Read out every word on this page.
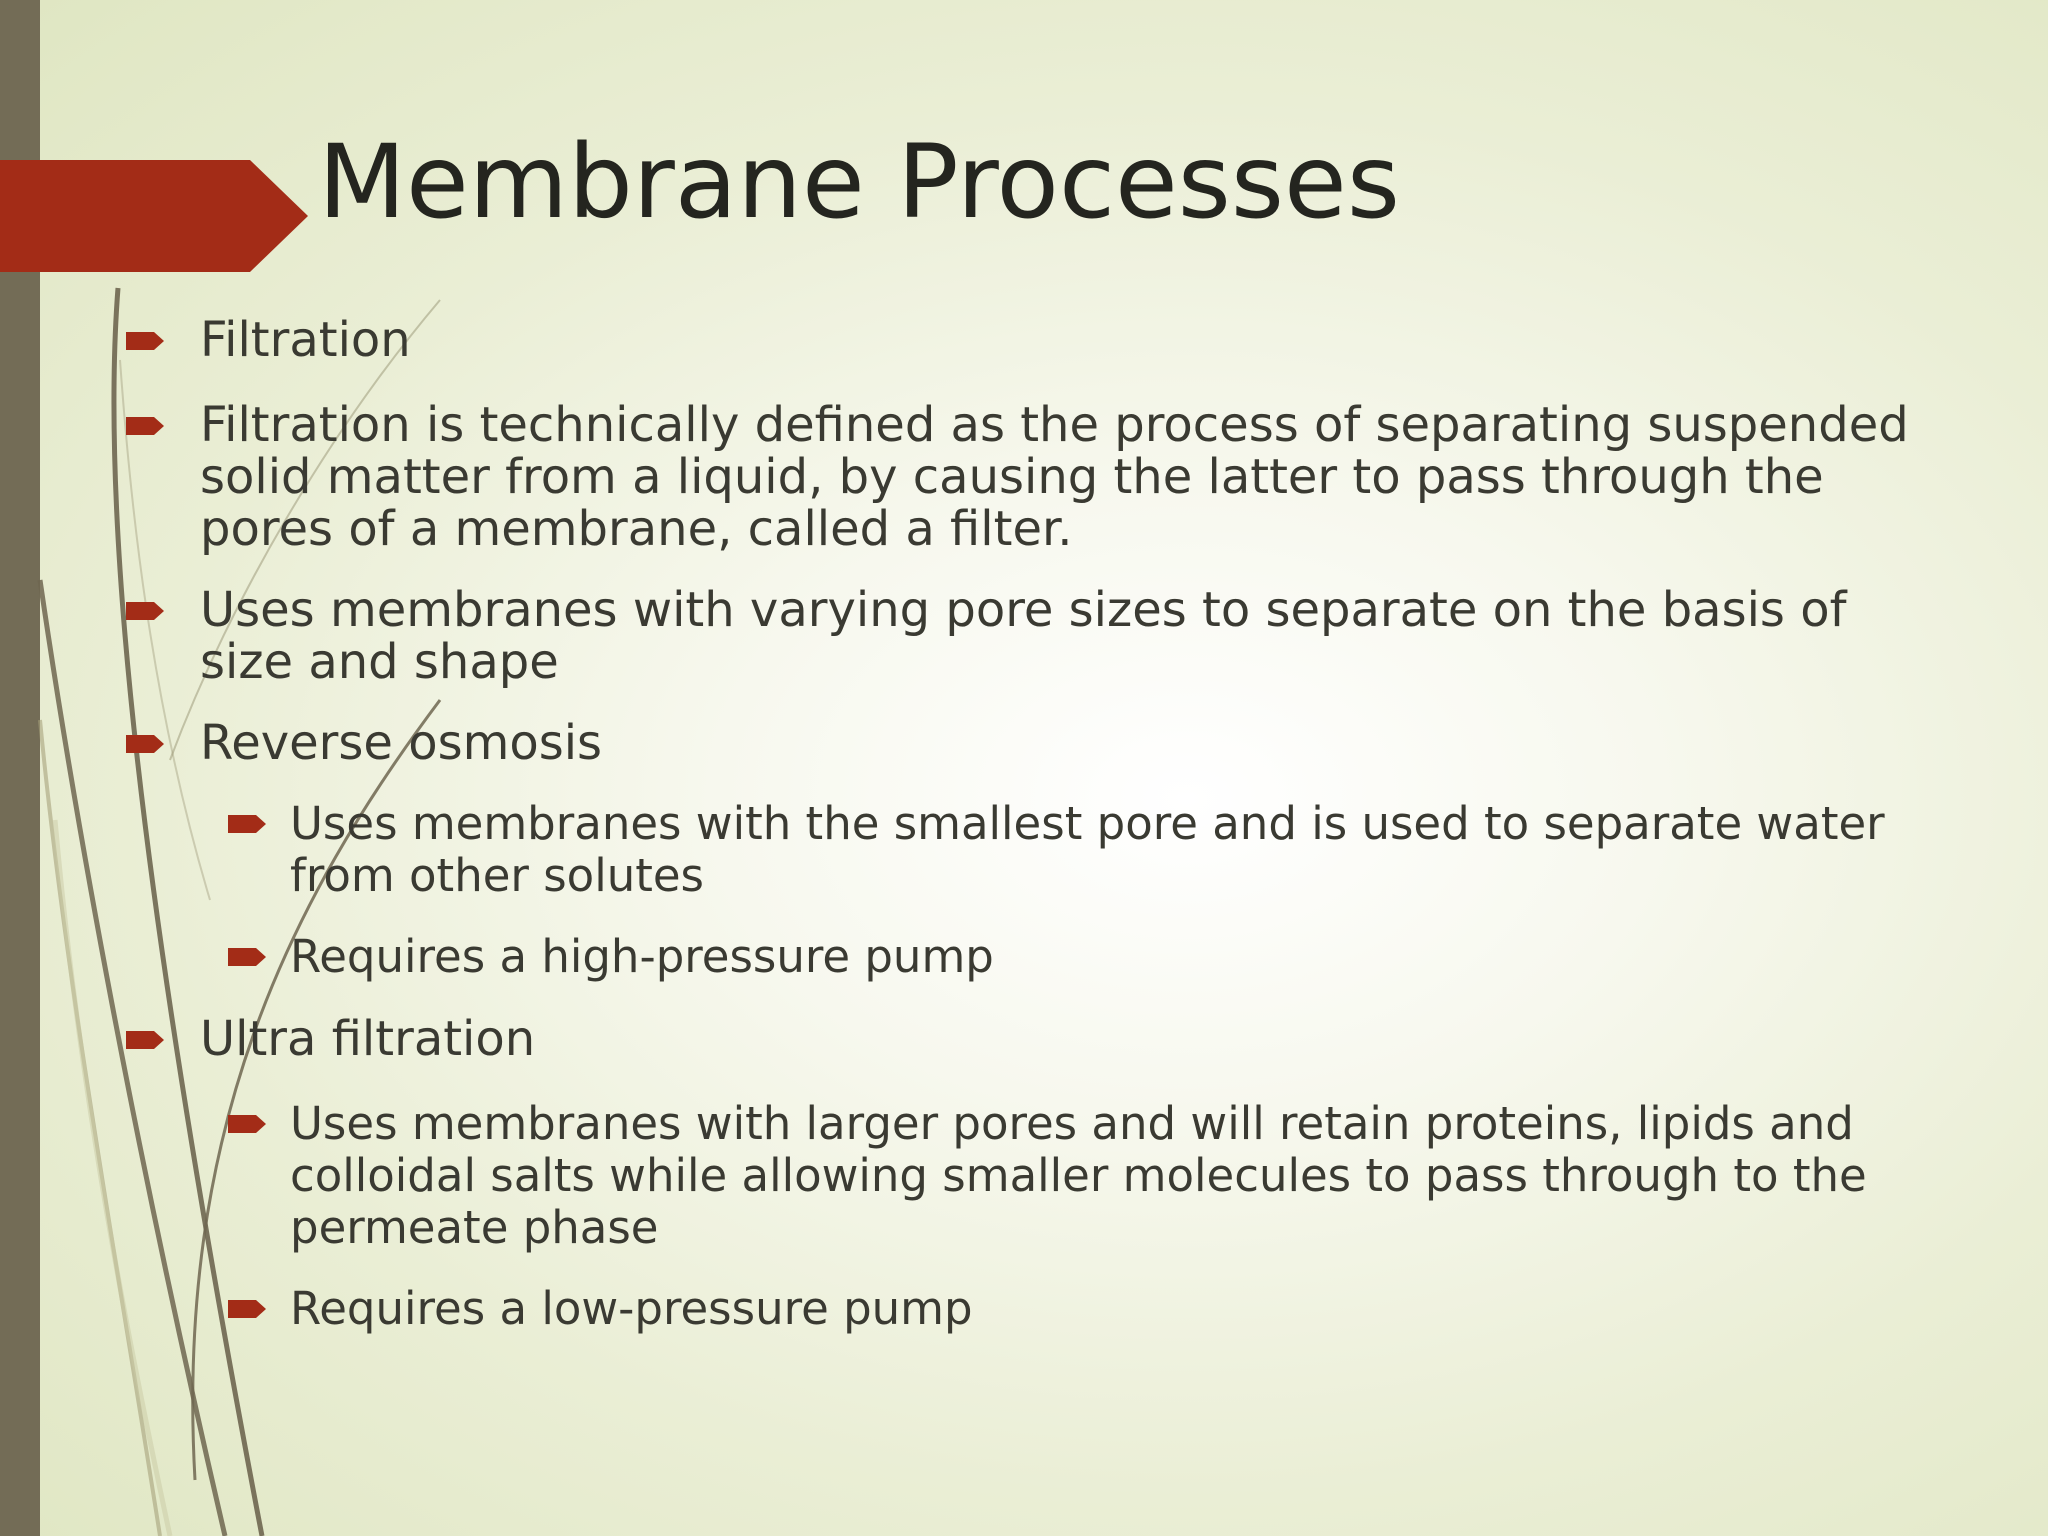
Membrane Processes
Filtration
Filtration is technically defined as the process of separating suspended solid matter from a liquid, by causing the latter to pass through the pores of a membrane, called a filter.
Uses membranes with varying pore sizes to separate on the basis of size and shape
Reverse osmosis
Uses membranes with the smallest pore and is used to separate water from other solutes
Requires a high-pressure pump
Ultra filtration
Uses membranes with larger pores and will retain proteins, lipids and colloidal salts while allowing smaller molecules to pass through to the permeate phase
Requires a low-pressure pump
